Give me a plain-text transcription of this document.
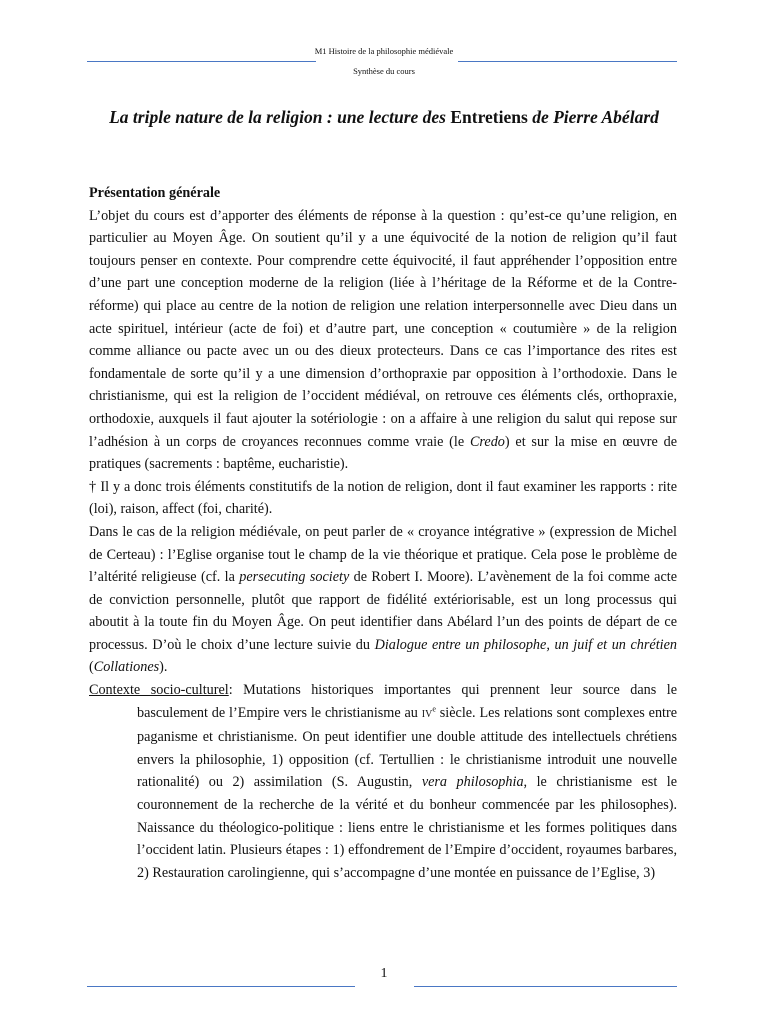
M1 Histoire de la philosophie médiévale
Synthèse du cours
La triple nature de la religion : une lecture des Entretiens de Pierre Abélard

Présentation générale

L’objet du cours est d’apporter des éléments de réponse à la question : qu’est-ce qu’une religion, en particulier au Moyen Âge. On soutient qu’il y a une équivocité de la notion de religion qu’il faut toujours penser en contexte. Pour comprendre cette équivocité, il faut appréhender l’opposition entre d’une part une conception moderne de la religion (liée à l’héritage de la Réforme et de la Contre-réforme) qui place au centre de la notion de religion une relation interpersonnelle avec Dieu dans un acte spirituel, intérieur (acte de foi) et d’autre part, une conception « coutumière » de la religion comme alliance ou pacte avec un ou des dieux protecteurs. Dans ce cas l’importance des rites est fondamentale de sorte qu’il y a une dimension d’orthopraxie par opposition à l’orthodoxie. Dans le christianisme, qui est la religion de l’occident médiéval, on retrouve ces éléments clés, orthopraxie, orthodoxie, auxquels il faut ajouter la sotériologie : on a affaire à une religion du salut qui repose sur l’adhésion à un corps de croyances reconnues comme vraie (le Credo) et sur la mise en œuvre de pratiques (sacrements : baptême, eucharistie).

† Il y a donc trois éléments constitutifs de la notion de religion, dont il faut examiner les rapports : rite (loi), raison, affect (foi, charité).

Dans le cas de la religion médiévale, on peut parler de « croyance intégrative » (expression de Michel de Certeau) : l’Eglise organise tout le champ de la vie théorique et pratique. Cela pose le problème de l’altérité religieuse (cf. la persecuting society de Robert I. Moore). L’avènement de la foi comme acte de conviction personnelle, plutôt que rapport de fidélité extériorisable, est un long processus qui aboutit à la toute fin du Moyen Âge. On peut identifier dans Abélard l’un des points de départ de ce processus. D’où le choix d’une lecture suivie du Dialogue entre un philosophe, un juif et un chrétien (Collationes).

Contexte socio-culturel: Mutations historiques importantes qui prennent leur source dans le basculement de l’Empire vers le christianisme au IVe siècle. Les relations sont complexes entre paganisme et christianisme. On peut identifier une double attitude des intellectuels chrétiens envers la philosophie, 1) opposition (cf. Tertullien : le christianisme introduit une nouvelle rationalité) ou 2) assimilation (S. Augustin, vera philosophia, le christianisme est le couronnement de la recherche de la vérité et du bonheur commencée par les philosophes). Naissance du théologico-politique : liens entre le christianisme et les formes politiques dans l’occident latin. Plusieurs étapes : 1) effondrement de l’Empire d’occident, royaumes barbares, 2) Restauration carolingienne, qui s’accompagne d’une montée en puissance de l’Eglise, 3)

1
